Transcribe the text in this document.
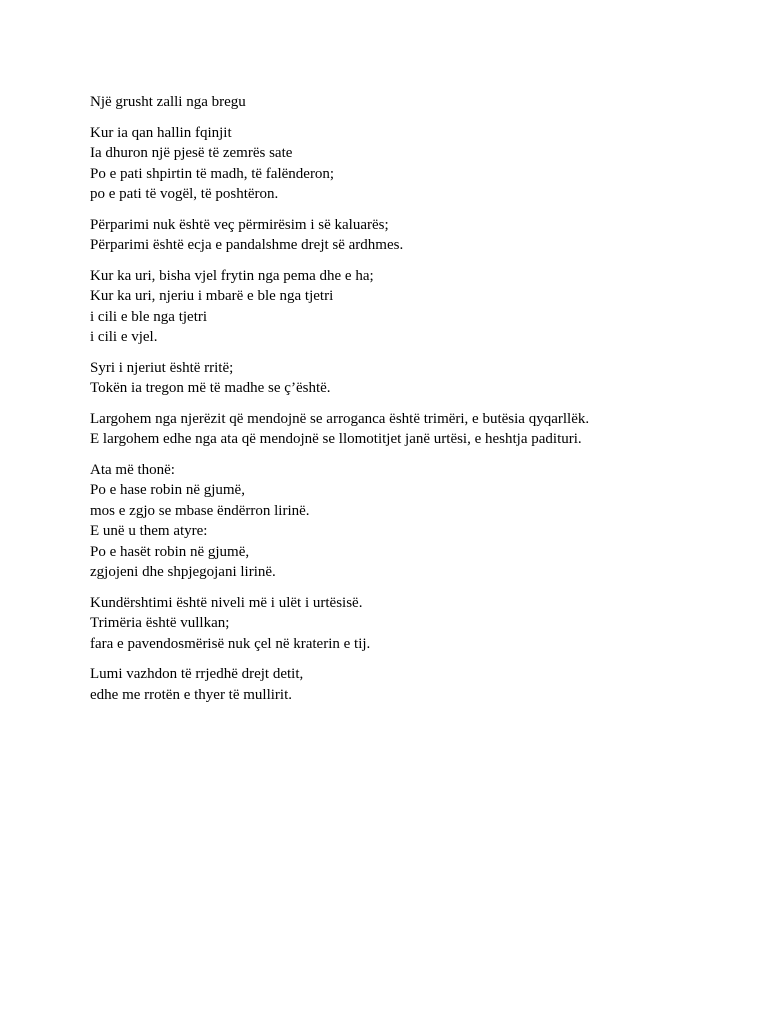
Një grusht zalli nga bregu
Kur ia qan hallin fqinjit
Ia dhuron një pjesë të zemrës sate
Po e pati shpirtin të madh, të falënderon;
po e pati të vogël, të poshtëron.
Përparimi nuk është veç përmirësim i së kaluarës;
Përparimi është ecja e pandalshme drejt së ardhmes.
Kur ka uri, bisha vjel frytin nga pema dhe e ha;
Kur ka uri, njeriu i mbarë e ble nga tjetri
i cili e ble nga tjetri
i cili e vjel.
Syri i njeriut është rritë;
Tokën ia tregon më të madhe se ç’është.
Largohem nga njerëzit që mendojnë se arroganca është trimëri, e butësia qyqarllëk.
E largohem edhe nga ata që mendojnë se llomotitjet janë urtësi, e heshtja padituri.
Ata më thonë:
Po e hase robin në gjumë,
mos e zgjo se mbase ëndërron lirinë.
E unë u them atyre:
Po e hasët robin në gjumë,
zgjojeni dhe shpjegojani lirinë.
Kundërshtimi është niveli më i ulët i urtësisë.
Trimëria është vullkan;
fara e pavendosmërisë nuk çel në kraterin e tij.
Lumi vazhdon të rrjedhë drejt detit,
edhe me rrotën e thyer të mullirit.
